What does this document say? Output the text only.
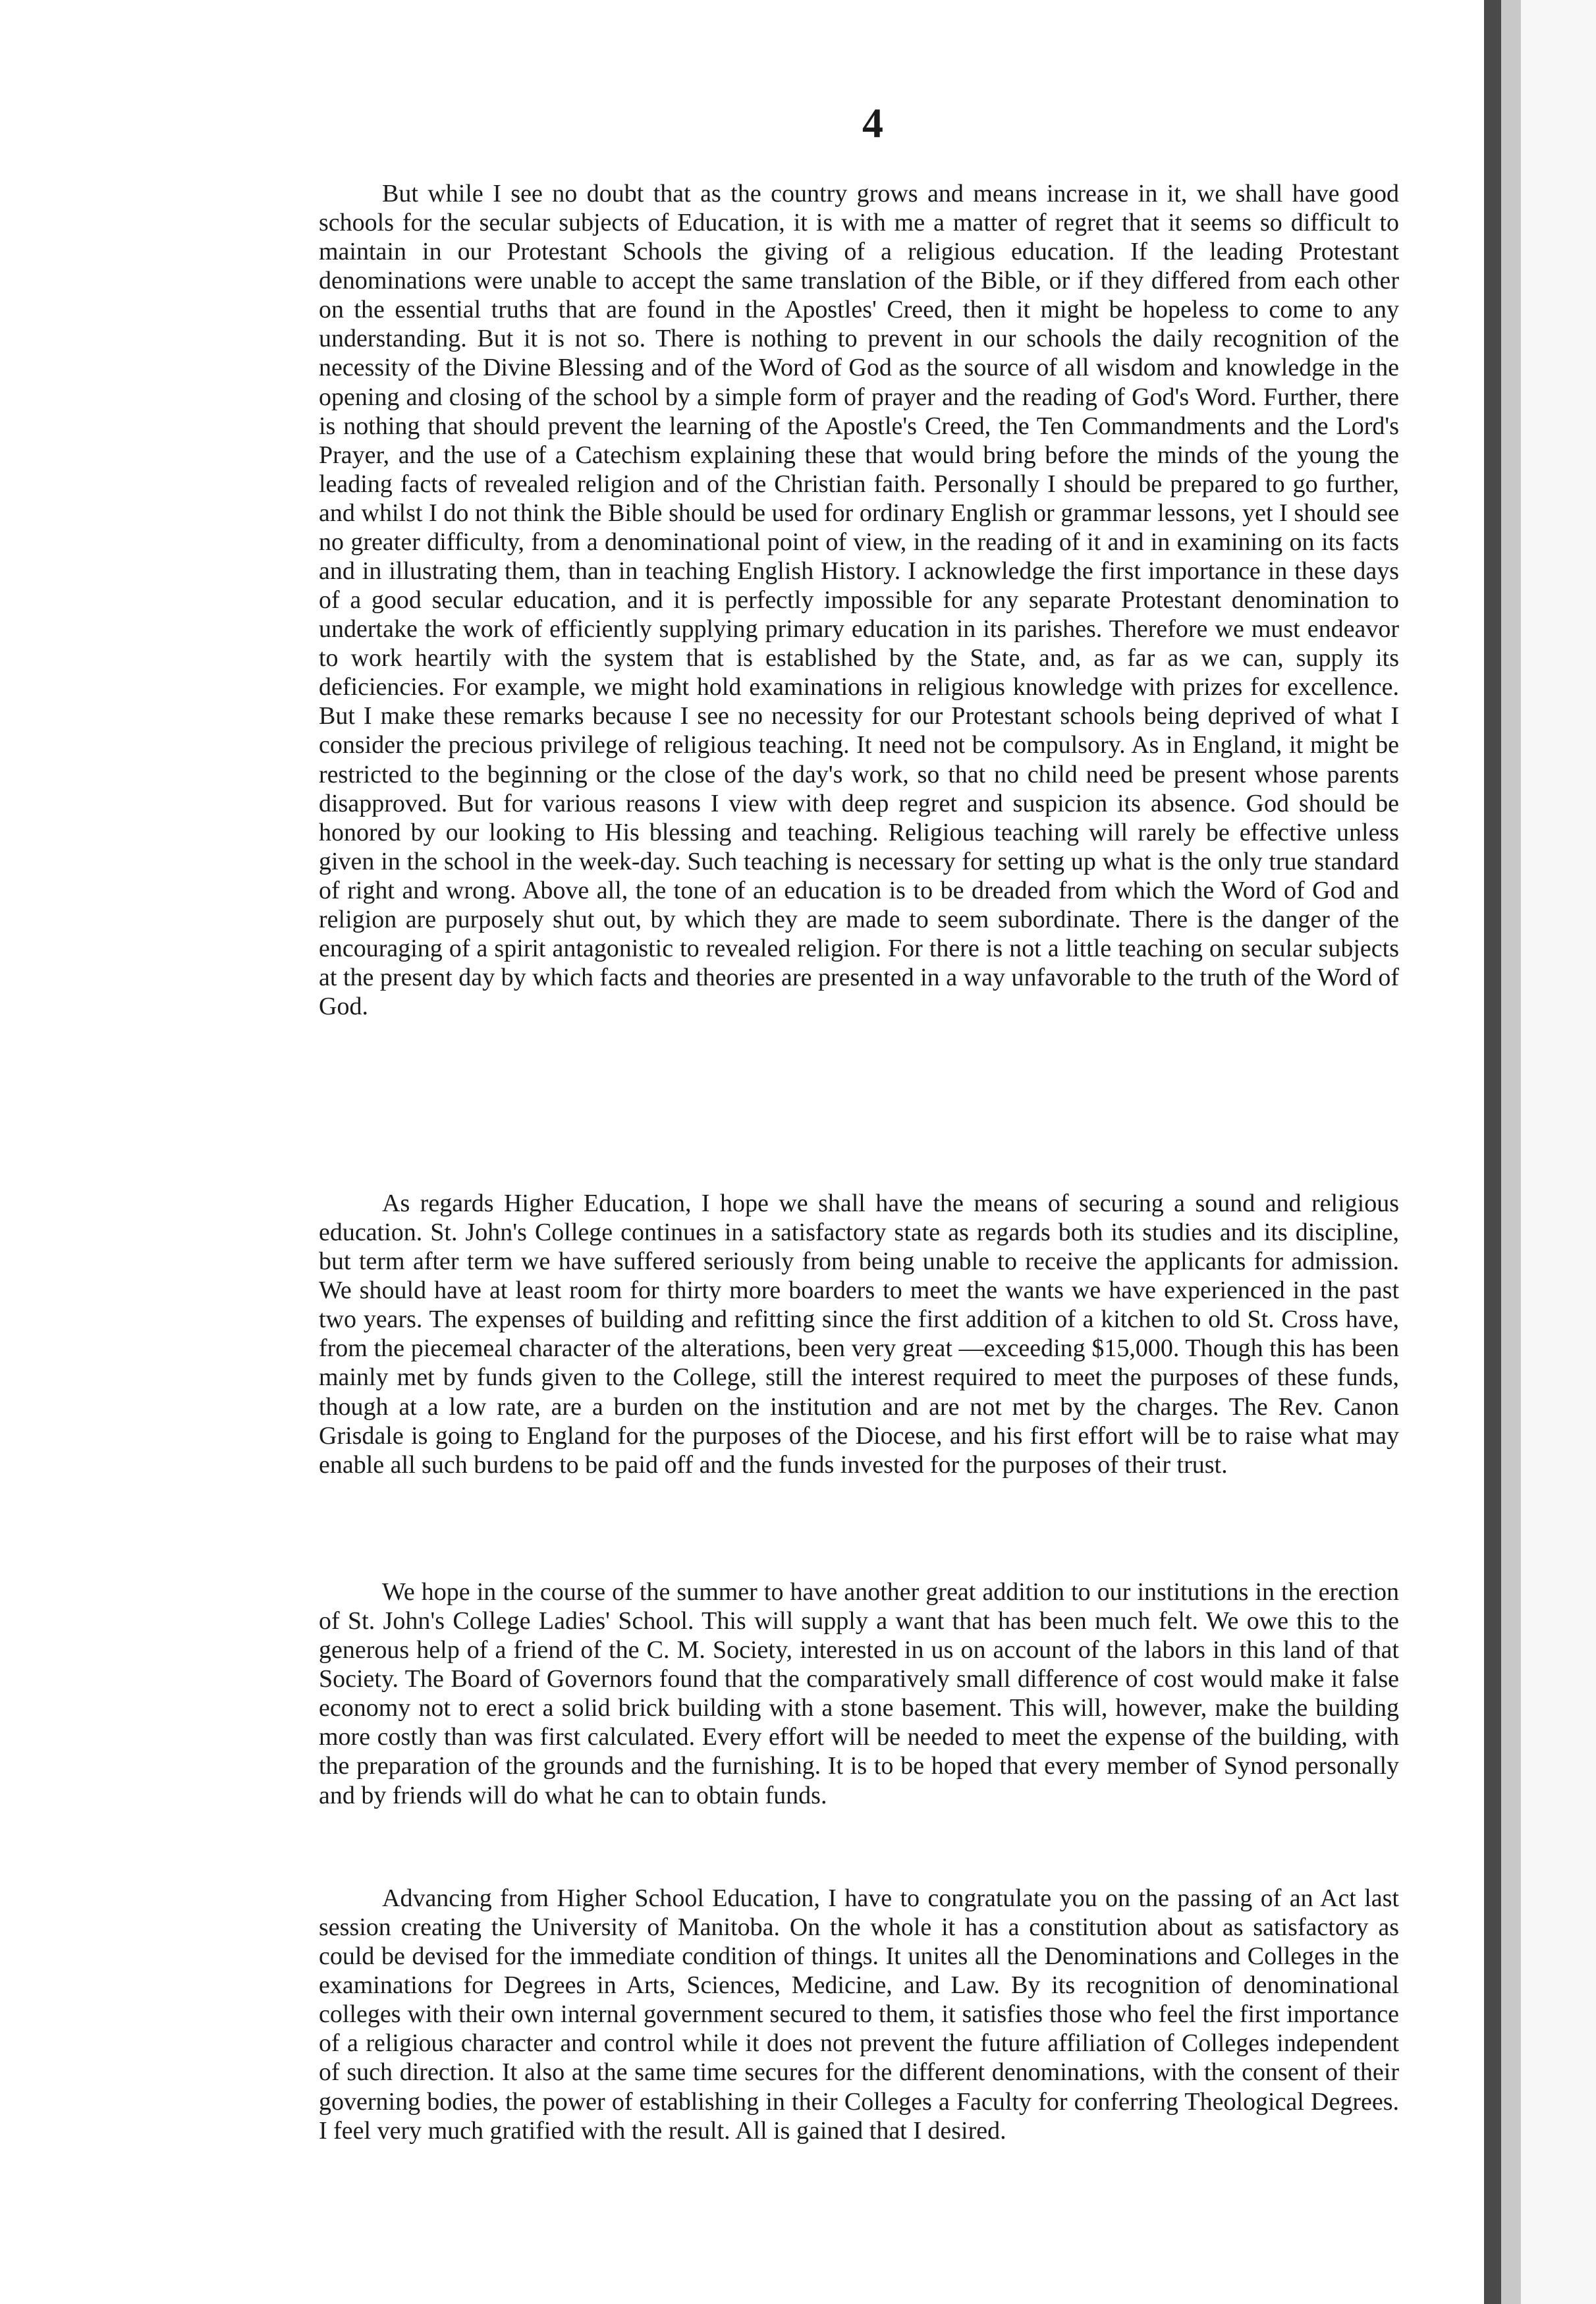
4

But while I see no doubt that as the country grows and means increase in it, we shall have good schools for the secular subjects of Education, it is with me a matter of regret that it seems so difficult to maintain in our Protestant Schools the giving of a religious education. If the leading Protestant denominations were unable to accept the same translation of the Bible, or if they differed from each other on the essential truths that are found in the Apostles' Creed, then it might be hopeless to come to any understanding. But it is not so. There is nothing to prevent in our schools the daily recognition of the necessity of the Divine Blessing and of the Word of God as the source of all wisdom and knowledge in the opening and closing of the school by a simple form of prayer and the reading of God's Word. Further, there is nothing that should prevent the learning of the Apostle's Creed, the Ten Commandments and the Lord's Prayer, and the use of a Catechism explaining these that would bring before the minds of the young the leading facts of revealed religion and of the Christian faith. Personally I should be prepared to go further, and whilst I do not think the Bible should be used for ordinary English or grammar lessons, yet I should see no greater difficulty, from a denominational point of view, in the reading of it and in examining on its facts and in illustrating them, than in teaching English History. I acknowledge the first importance in these days of a good secular education, and it is perfectly impossible for any separate Protestant denomination to undertake the work of efficiently supplying primary education in its parishes. Therefore we must endeavor to work heartily with the system that is established by the State, and, as far as we can, supply its deficiencies. For example, we might hold examinations in religious knowledge with prizes for excellence. But I make these remarks because I see no necessity for our Protestant schools being deprived of what I consider the precious privilege of religious teaching. It need not be compulsory. As in England, it might be restricted to the beginning or the close of the day's work, so that no child need be present whose parents disapproved. But for various reasons I view with deep regret and suspicion its absence. God should be honored by our looking to His blessing and teaching. Religious teaching will rarely be effective unless given in the school in the week-day. Such teaching is necessary for setting up what is the only true standard of right and wrong. Above all, the tone of an education is to be dreaded from which the Word of God and religion are purposely shut out, by which they are made to seem subordinate. There is the danger of the encouraging of a spirit antagonistic to revealed religion. For there is not a little teaching on secular subjects at the present day by which facts and theories are presented in a way unfavorable to the truth of the Word of God.

As regards Higher Education, I hope we shall have the means of securing a sound and religious education. St. John's College continues in a satisfactory state as regards both its studies and its discipline, but term after term we have suffered seriously from being unable to receive the applicants for admission. We should have at least room for thirty more boarders to meet the wants we have experienced in the past two years. The expenses of building and refitting since the first addition of a kitchen to old St. Cross have, from the piecemeal character of the alterations, been very great —exceeding $15,000. Though this has been mainly met by funds given to the College, still the interest required to meet the purposes of these funds, though at a low rate, are a burden on the institution and are not met by the charges. The Rev. Canon Grisdale is going to England for the purposes of the Diocese, and his first effort will be to raise what may enable all such burdens to be paid off and the funds invested for the purposes of their trust.

We hope in the course of the summer to have another great addition to our institutions in the erection of St. John's College Ladies' School. This will supply a want that has been much felt. We owe this to the generous help of a friend of the C. M. Society, interested in us on account of the labors in this land of that Society. The Board of Governors found that the comparatively small difference of cost would make it false economy not to erect a solid brick building with a stone basement. This will, however, make the building more costly than was first calculated. Every effort will be needed to meet the expense of the building, with the preparation of the grounds and the furnishing. It is to be hoped that every member of Synod personally and by friends will do what he can to obtain funds.

Advancing from Higher School Education, I have to congratulate you on the passing of an Act last session creating the University of Manitoba. On the whole it has a constitution about as satisfactory as could be devised for the immediate condition of things. It unites all the Denominations and Colleges in the examinations for Degrees in Arts, Sciences, Medicine, and Law. By its recognition of denominational colleges with their own internal government secured to them, it satisfies those who feel the first importance of a religious character and control while it does not prevent the future affiliation of Colleges independent of such direction. It also at the same time secures for the different denominations, with the consent of their governing bodies, the power of establishing in their Colleges a Faculty for conferring Theological Degrees. I feel very much gratified with the result. All is gained that I desired.
